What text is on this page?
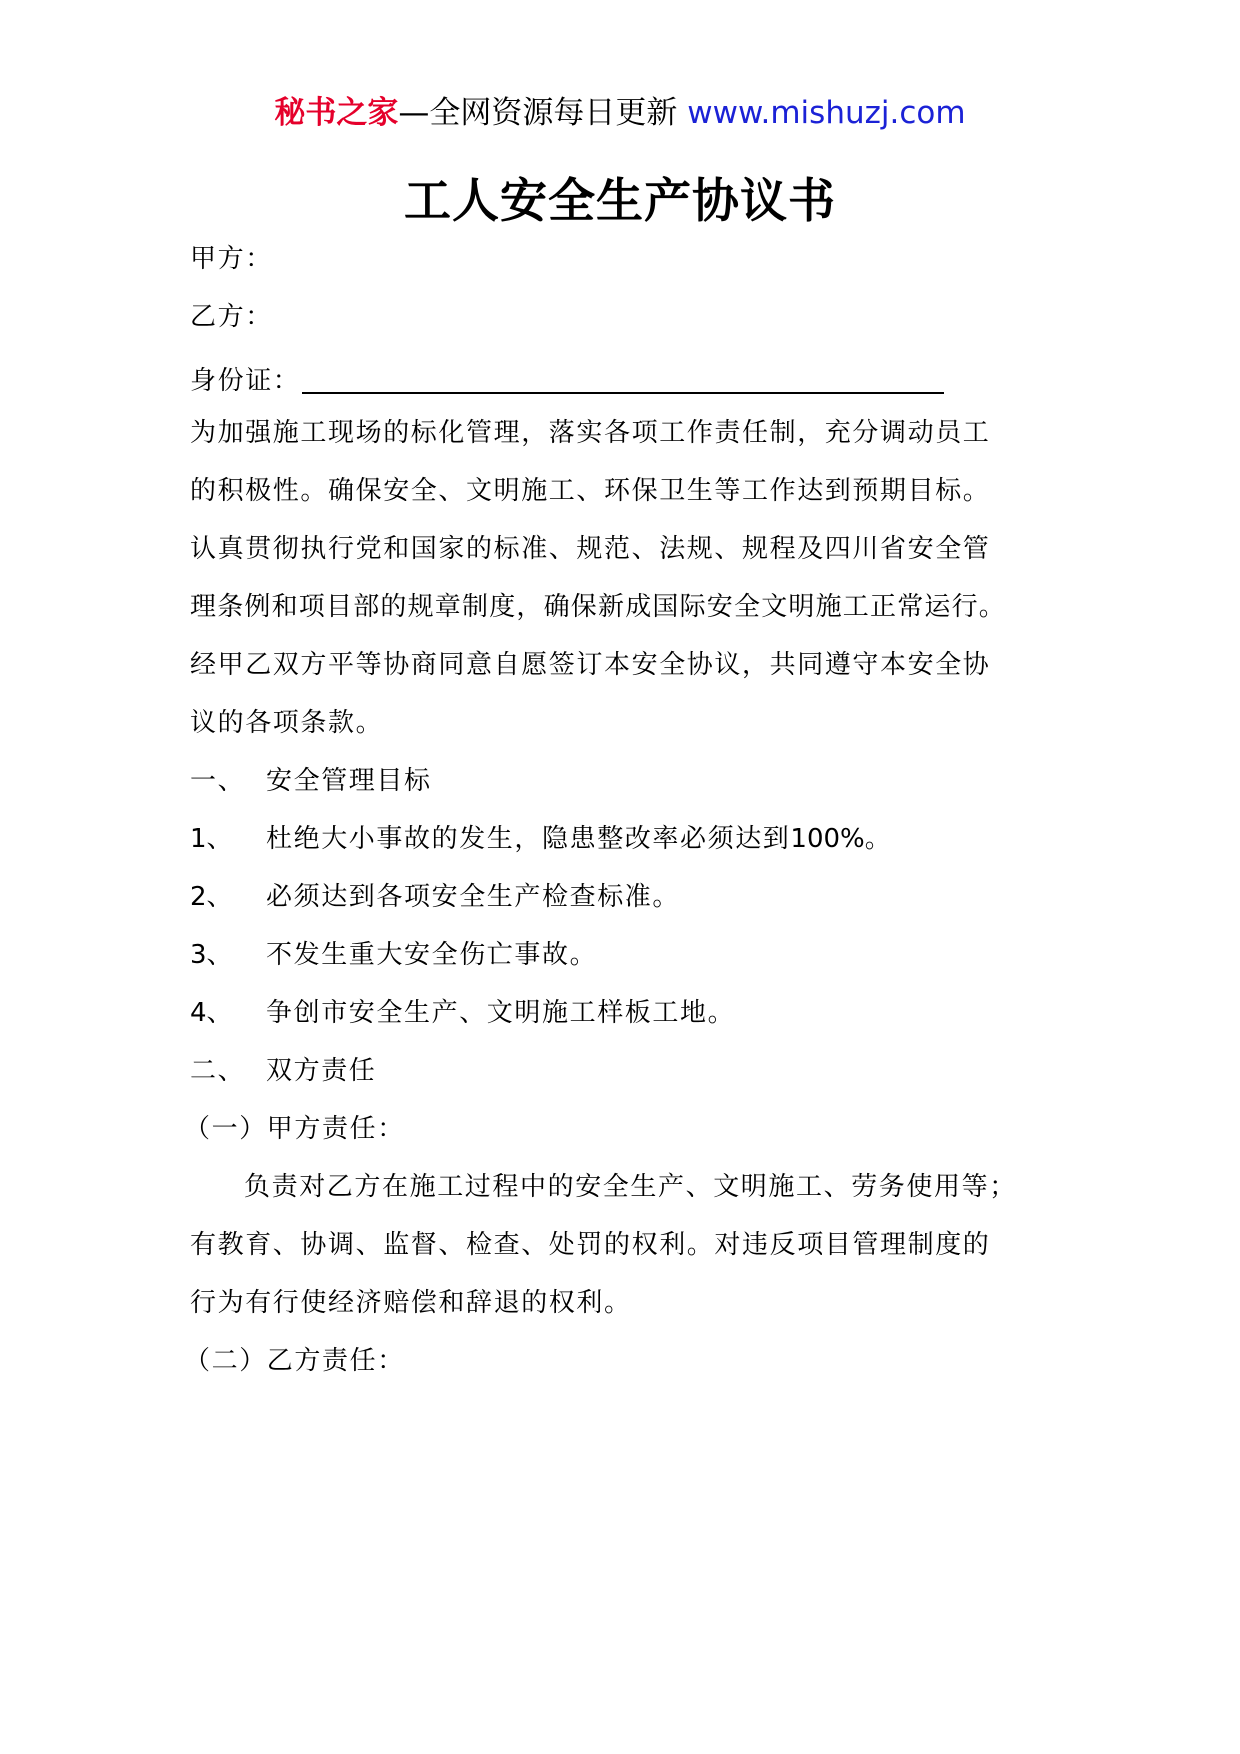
秘书之家—全网资源每日更新 www.mishuzj.com
工人安全生产协议书
甲方：
乙方：
身份证：
为加强施工现场的标化管理，落实各项工作责任制，充分调动员工
的积极性。确保安全、文明施工、环保卫生等工作达到预期目标。
认真贯彻执行党和国家的标准、规范、法规、规程及四川省安全管
理条例和项目部的规章制度，确保新成国际安全文明施工正常运行。
经甲乙双方平等协商同意自愿签订本安全协议，共同遵守本安全协
议的各项条款。
一、 安全管理目标
1、 杜绝大小事故的发生，隐患整改率必须达到100%。
2、 必须达到各项安全生产检查标准。
3、 不发生重大安全伤亡事故。
4、 争创市安全生产、文明施工样板工地。
二、 双方责任
（一）甲方责任：
负责对乙方在施工过程中的安全生产、文明施工、劳务使用等；
有教育、协调、监督、检查、处罚的权利。对违反项目管理制度的
行为有行使经济赔偿和辞退的权利。
（二）乙方责任：
